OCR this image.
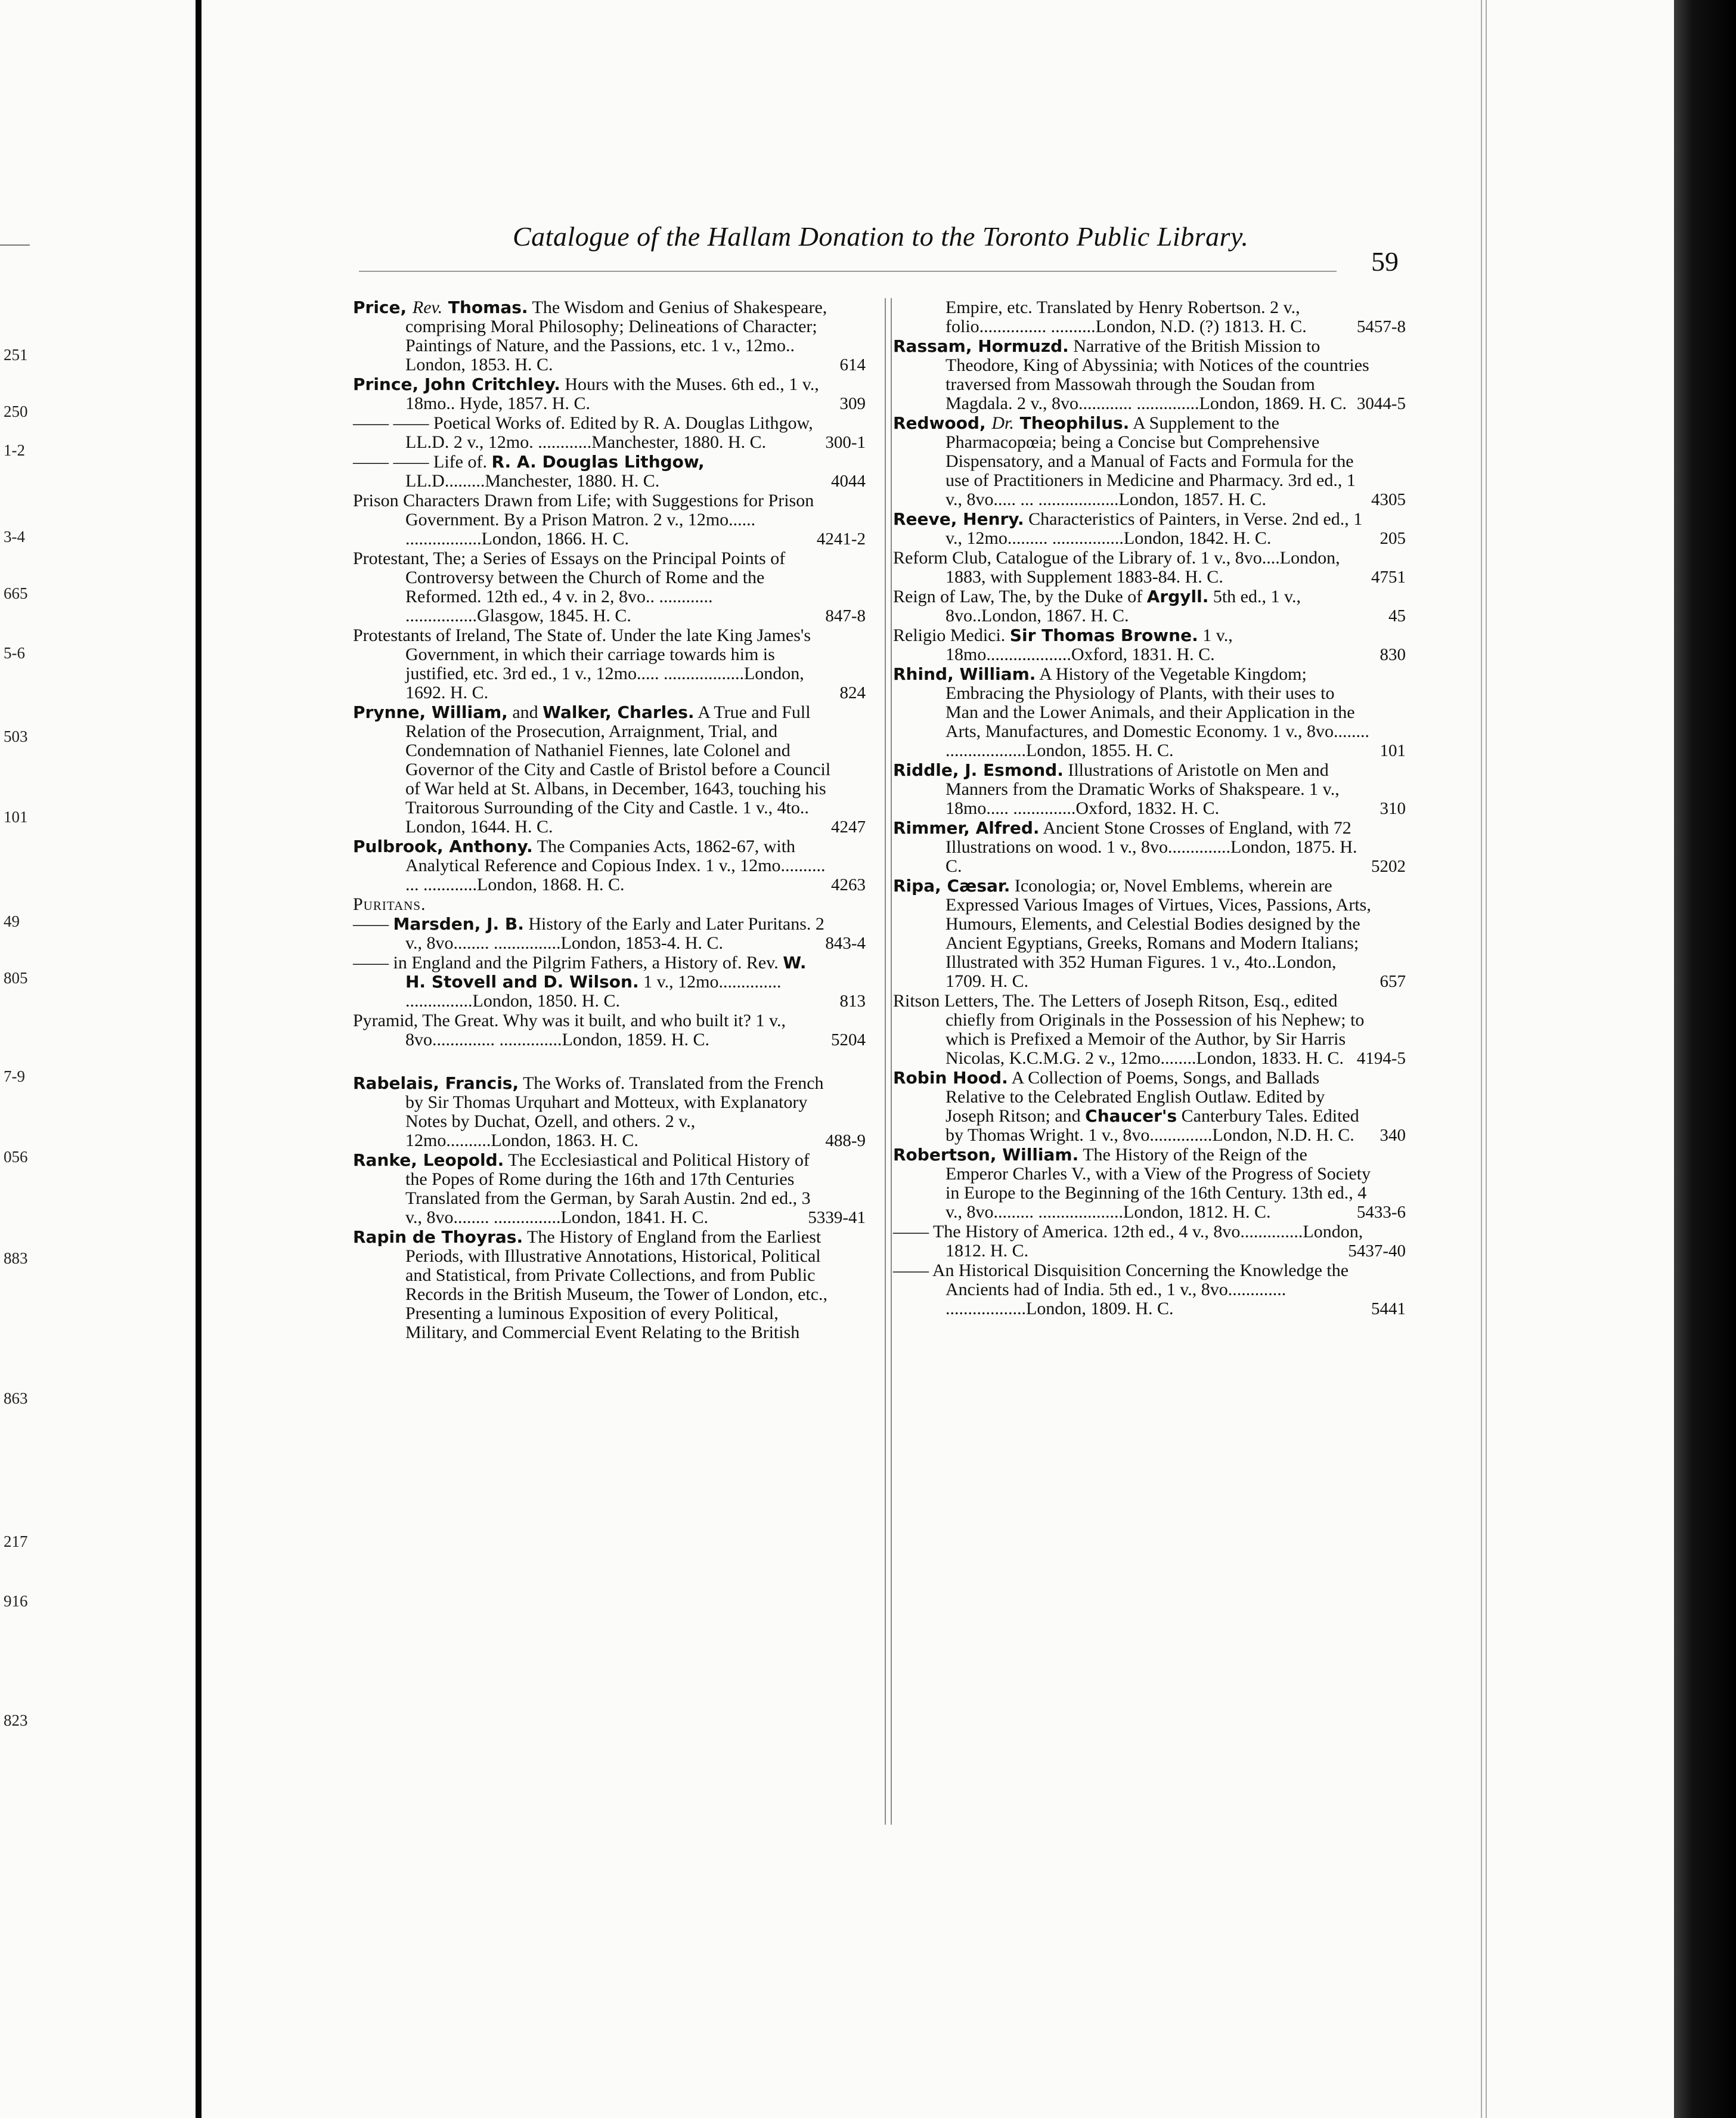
251
250
1-2
3-4
665
5-6
503
101
49
805
7-9
056
883
863
217
916
823
Catalogue of the Hallam Donation to the Toronto Public Library.
59
Price, Rev. Thomas. The Wisdom and Genius of Shakespeare, comprising Moral Philosophy; Delineations of Character; Paintings of Nature, and the Passions, etc. 1 v., 12mo.. London, 1853. H. C.	614
Prince, John Critchley. Hours with the Muses. 6th ed., 1 v., 18mo.. Hyde, 1857. H. C.	309
—— —— Poetical Works of. Edited by R. A. Douglas Lithgow, LL.D. 2 v., 12mo. ............Manchester, 1880. H. C.	300-1
—— —— Life of. R. A. Douglas Lithgow, LL.D.........Manchester, 1880. H. C.	4044
Prison Characters Drawn from Life; with Suggestions for Prison Government. By a Prison Matron. 2 v., 12mo...... .................London, 1866. H. C.	4241-2
Protestant, The; a Series of Essays on the Principal Points of Controversy between the Church of Rome and the Reformed. 12th ed., 4 v. in 2, 8vo.. ............ ................Glasgow, 1845. H. C.	847-8
Protestants of Ireland, The State of. Under the late King James's Government, in which their carriage towards him is justified, etc. 3rd ed., 1 v., 12mo..... ..................London, 1692. H. C.	824
Prynne, William, and Walker, Charles. A True and Full Relation of the Prosecution, Arraignment, Trial, and Condemnation of Nathaniel Fiennes, late Colonel and Governor of the City and Castle of Bristol before a Council of War held at St. Albans, in December, 1643, touching his Traitorous Surrounding of the City and Castle. 1 v., 4to.. London, 1644. H. C.	4247
Pulbrook, Anthony. The Companies Acts, 1862-67, with Analytical Reference and Copious Index. 1 v., 12mo.......... ... ............London, 1868. H. C.	4263
Puritans.
—— Marsden, J. B. History of the Early and Later Puritans. 2 v., 8vo........ ...............London, 1853-4. H. C.	843-4
—— in England and the Pilgrim Fathers, a History of. Rev. W. H. Stovell and D. Wilson. 1 v., 12mo.............. ...............London, 1850. H. C.	813
Pyramid, The Great. Why was it built, and who built it? 1 v., 8vo.............. ..............London, 1859. H. C.	5204
Rabelais, Francis, The Works of. Translated from the French by Sir Thomas Urquhart and Motteux, with Explanatory Notes by Duchat, Ozell, and others. 2 v., 12mo..........London, 1863. H. C.	488-9
Ranke, Leopold. The Ecclesiastical and Political History of the Popes of Rome during the 16th and 17th Centuries Translated from the German, by Sarah Austin. 2nd ed., 3 v., 8vo........ ...............London, 1841. H. C.	5339-41
Rapin de Thoyras. The History of England from the Earliest Periods, with Illustrative Annotations, Historical, Political and Statistical, from Private Collections, and from Public Records in the British Museum, the Tower of London, etc., Presenting a luminous Exposition of every Political, Military, and Commercial Event Relating to the British
Empire, etc. Translated by Henry Robertson. 2 v., folio............... ..........London, N.D. (?) 1813. H. C.	5457-8
Rassam, Hormuzd. Narrative of the British Mission to Theodore, King of Abyssinia; with Notices of the countries traversed from Massowah through the Soudan from Magdala. 2 v., 8vo............ ..............London, 1869. H. C. 3044-5
Redwood, Dr. Theophilus. A Supplement to the Pharmacopœia; being a Concise but Comprehensive Dispensatory, and a Manual of Facts and Formula for the use of Practitioners in Medicine and Pharmacy. 3rd ed., 1 v., 8vo..... ... ..................London, 1857. H. C.	4305
Reeve, Henry. Characteristics of Painters, in Verse. 2nd ed., 1 v., 12mo......... ................London, 1842. H. C.	205
Reform Club, Catalogue of the Library of. 1 v., 8vo....London, 1883, with Supplement 1883-84. H. C.	4751
Reign of Law, The, by the Duke of Argyll. 5th ed., 1 v., 8vo..London, 1867. H. C.	45
Religio Medici. Sir Thomas Browne. 1 v., 18mo...................Oxford, 1831. H. C.	830
Rhind, William. A History of the Vegetable Kingdom; Embracing the Physiology of Plants, with their uses to Man and the Lower Animals, and their Application in the Arts, Manufactures, and Domestic Economy. 1 v., 8vo........ ..................London, 1855. H. C.	101
Riddle, J. Esmond. Illustrations of Aristotle on Men and Manners from the Dramatic Works of Shakspeare. 1 v., 18mo..... ..............Oxford, 1832. H. C.	310
Rimmer, Alfred. Ancient Stone Crosses of England, with 72 Illustrations on wood. 1 v., 8vo..............London, 1875. H. C.	5202
Ripa, Cæsar. Iconologia; or, Novel Emblems, wherein are Expressed Various Images of Virtues, Vices, Passions, Arts, Humours, Elements, and Celestial Bodies designed by the Ancient Egyptians, Greeks, Romans and Modern Italians; Illustrated with 352 Human Figures. 1 v., 4to..London, 1709. H. C.	657
Ritson Letters, The. The Letters of Joseph Ritson, Esq., edited chiefly from Originals in the Possession of his Nephew; to which is Prefixed a Memoir of the Author, by Sir Harris Nicolas, K.C.M.G. 2 v., 12mo........London, 1833. H. C. 4194-5
Robin Hood. A Collection of Poems, Songs, and Ballads Relative to the Celebrated English Outlaw. Edited by Joseph Ritson; and Chaucer's Canterbury Tales. Edited by Thomas Wright. 1 v., 8vo..............London, N.D. H. C.	340
Robertson, William. The History of the Reign of the Emperor Charles V., with a View of the Progress of Society in Europe to the Beginning of the 16th Century. 13th ed., 4 v., 8vo......... ...................London, 1812. H. C.	5433-6
—— The History of America. 12th ed., 4 v., 8vo..............London, 1812. H. C.	5437-40
—— An Historical Disquisition Concerning the Knowledge the Ancients had of India. 5th ed., 1 v., 8vo............. ..................London, 1809. H. C.	5441
